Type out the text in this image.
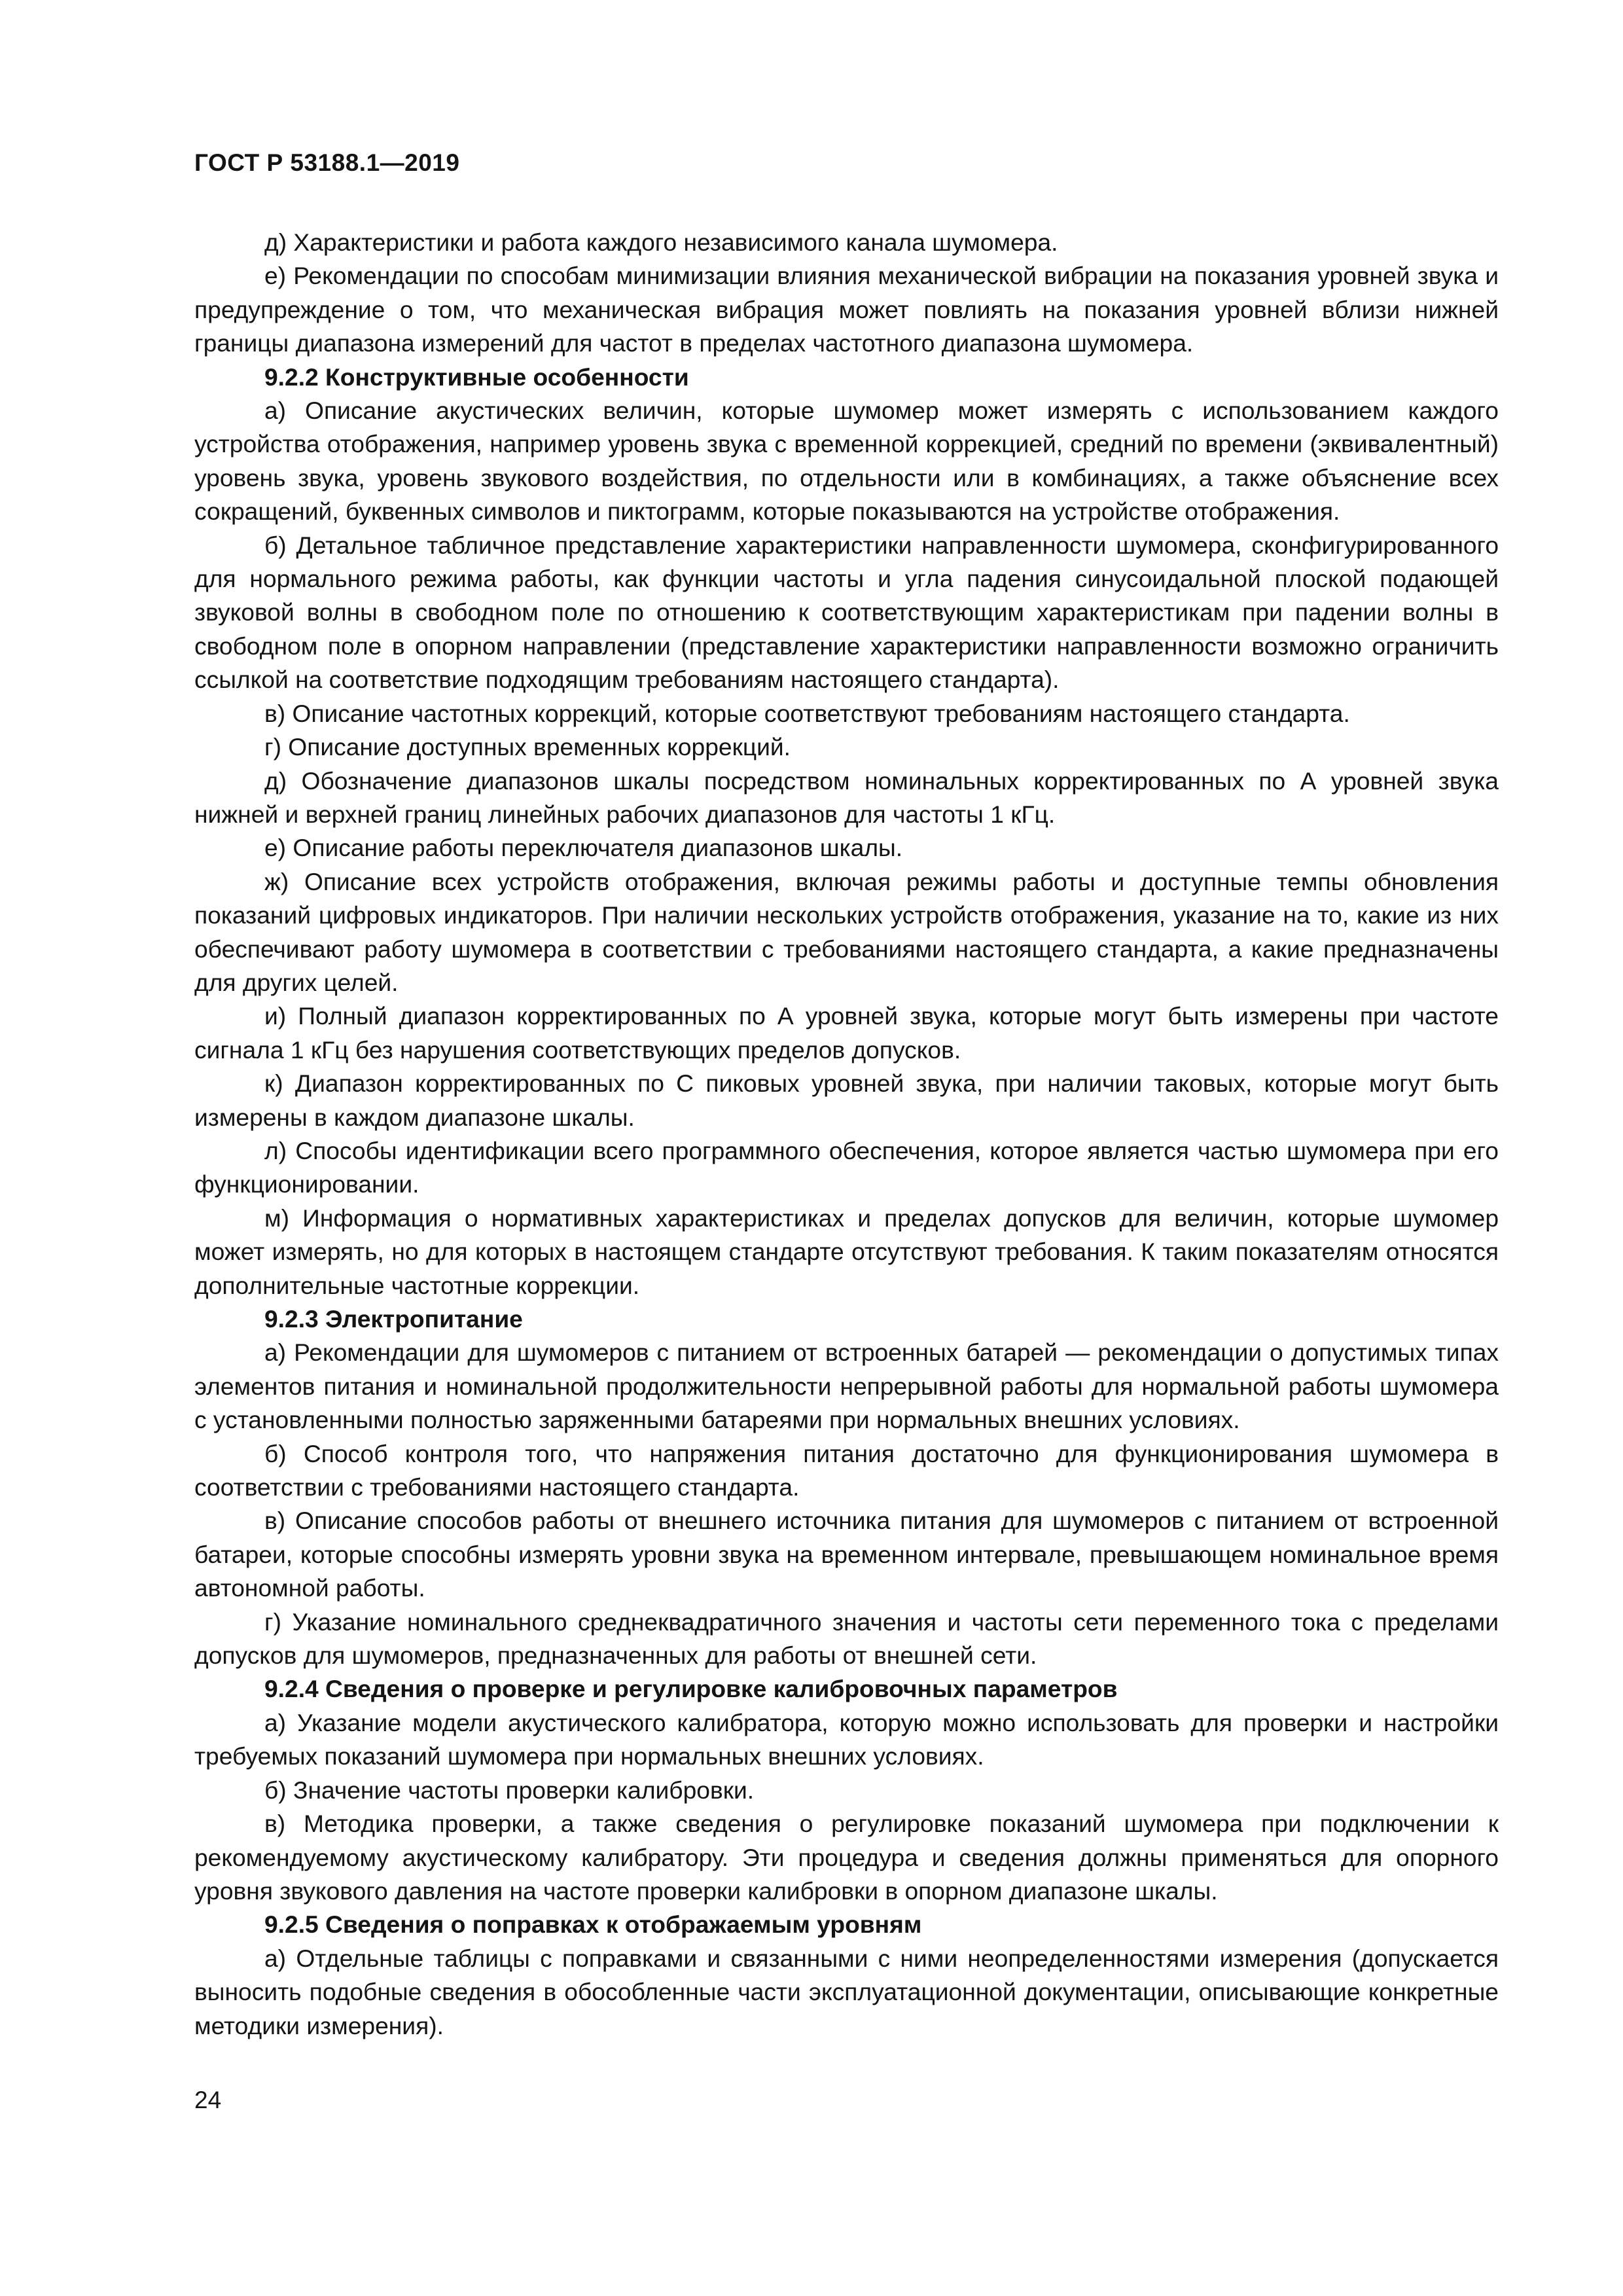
ГОСТ Р 53188.1—2019

д) Характеристики и работа каждого независимого канала шумомера.

е) Рекомендации по способам минимизации влияния механической вибрации на показания уровней звука и предупреждение о том, что механическая вибрация может повлиять на показания уровней вблизи нижней границы диапазона измерений для частот в пределах частотного диапазона шумомера.

9.2.2 Конструктивные особенности

а) Описание акустических величин, которые шумомер может измерять с использованием каждого устройства отображения, например уровень звука с временной коррекцией, средний по времени (эквивалентный) уровень звука, уровень звукового воздействия, по отдельности или в комбинациях, а также объяснение всех сокращений, буквенных символов и пиктограмм, которые показываются на устройстве отображения.

б) Детальное табличное представление характеристики направленности шумомера, сконфигурированного для нормального режима работы, как функции частоты и угла падения синусоидальной плоской подающей звуковой волны в свободном поле по отношению к соответствующим характеристикам при падении волны в свободном поле в опорном направлении (представление характеристики направленности возможно ограничить ссылкой на соответствие подходящим требованиям настоящего стандарта).

в) Описание частотных коррекций, которые соответствуют требованиям настоящего стандарта.

г) Описание доступных временных коррекций.

д) Обозначение диапазонов шкалы посредством номинальных корректированных по А уровней звука нижней и верхней границ линейных рабочих диапазонов для частоты 1 кГц.

е) Описание работы переключателя диапазонов шкалы.

ж) Описание всех устройств отображения, включая режимы работы и доступные темпы обновления показаний цифровых индикаторов. При наличии нескольких устройств отображения, указание на то, какие из них обеспечивают работу шумомера в соответствии с требованиями настоящего стандарта, а какие предназначены для других целей.

и) Полный диапазон корректированных по А уровней звука, которые могут быть измерены при частоте сигнала 1 кГц без нарушения соответствующих пределов допусков.

к) Диапазон корректированных по С пиковых уровней звука, при наличии таковых, которые могут быть измерены в каждом диапазоне шкалы.

л) Способы идентификации всего программного обеспечения, которое является частью шумомера при его функционировании.

м) Информация о нормативных характеристиках и пределах допусков для величин, которые шумомер может измерять, но для которых в настоящем стандарте отсутствуют требования. К таким показателям относятся дополнительные частотные коррекции.

9.2.3 Электропитание

а) Рекомендации для шумомеров с питанием от встроенных батарей — рекомендации о допустимых типах элементов питания и номинальной продолжительности непрерывной работы для нормальной работы шумомера с установленными полностью заряженными батареями при нормальных внешних условиях.

б) Способ контроля того, что напряжения питания достаточно для функционирования шумомера в соответствии с требованиями настоящего стандарта.

в) Описание способов работы от внешнего источника питания для шумомеров с питанием от встроенной батареи, которые способны измерять уровни звука на временном интервале, превышающем номинальное время автономной работы.

г) Указание номинального среднеквадратичного значения и частоты сети переменного тока с пределами допусков для шумомеров, предназначенных для работы от внешней сети.

9.2.4 Сведения о проверке и регулировке калибровочных параметров

а) Указание модели акустического калибратора, которую можно использовать для проверки и настройки требуемых показаний шумомера при нормальных внешних условиях.

б) Значение частоты проверки калибровки.

в) Методика проверки, а также сведения о регулировке показаний шумомера при подключении к рекомендуемому акустическому калибратору. Эти процедура и сведения должны применяться для опорного уровня звукового давления на частоте проверки калибровки в опорном диапазоне шкалы.

9.2.5 Сведения о поправках к отображаемым уровням

а) Отдельные таблицы с поправками и связанными с ними неопределенностями измерения (допускается выносить подобные сведения в обособленные части эксплуатационной документации, описывающие конкретные методики измерения).

24
